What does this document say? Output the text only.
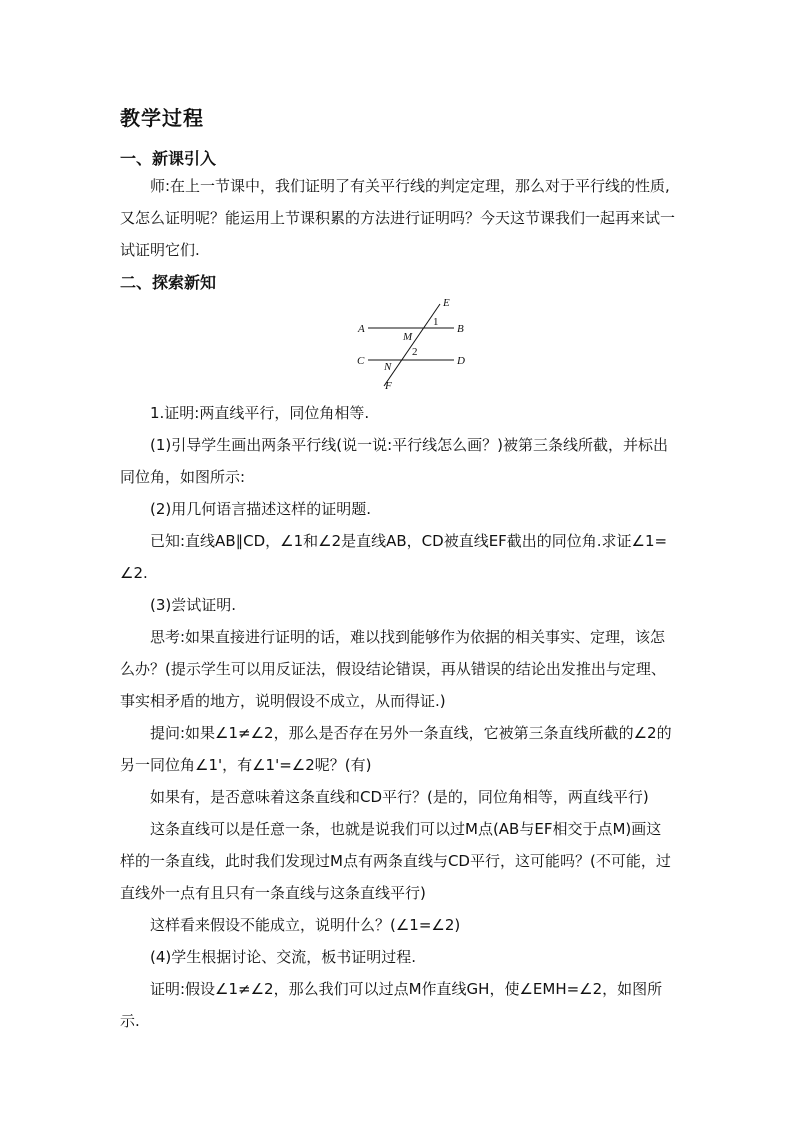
教学过程
一、新课引入

师:在上一节课中，我们证明了有关平行线的判定定理，那么对于平行线的性质,又怎么证明呢？能运用上节课积累的方法进行证明吗？今天这节课我们一起再来试一试证明它们.

二、探索新知
A	B
C	D
E
F
M
N
1
2

1.证明:两直线平行，同位角相等.

(1)引导学生画出两条平行线(说一说:平行线怎么画？)被第三条线所截，并标出同位角，如图所示:

(2)用几何语言描述这样的证明题.

已知:直线AB∥CD，∠1和∠2是直线AB，CD被直线EF截出的同位角.求证∠1=∠2.

(3)尝试证明.

思考:如果直接进行证明的话，难以找到能够作为依据的相关事实、定理，该怎么办？(提示学生可以用反证法，假设结论错误，再从错误的结论出发推出与定理、事实相矛盾的地方，说明假设不成立，从而得证.)

提问:如果∠1≠∠2，那么是否存在另外一条直线，它被第三条直线所截的∠2的另一同位角∠1'，有∠1'=∠2呢？(有)

如果有，是否意味着这条直线和CD平行？(是的，同位角相等，两直线平行)

这条直线可以是任意一条，也就是说我们可以过M点(AB与EF相交于点M)画这样的一条直线，此时我们发现过M点有两条直线与CD平行，这可能吗？(不可能，过直线外一点有且只有一条直线与这条直线平行)

这样看来假设不能成立，说明什么？(∠1=∠2)

(4)学生根据讨论、交流，板书证明过程.

证明:假设∠1≠∠2，那么我们可以过点M作直线GH，使∠EMH=∠2，如图所示.
